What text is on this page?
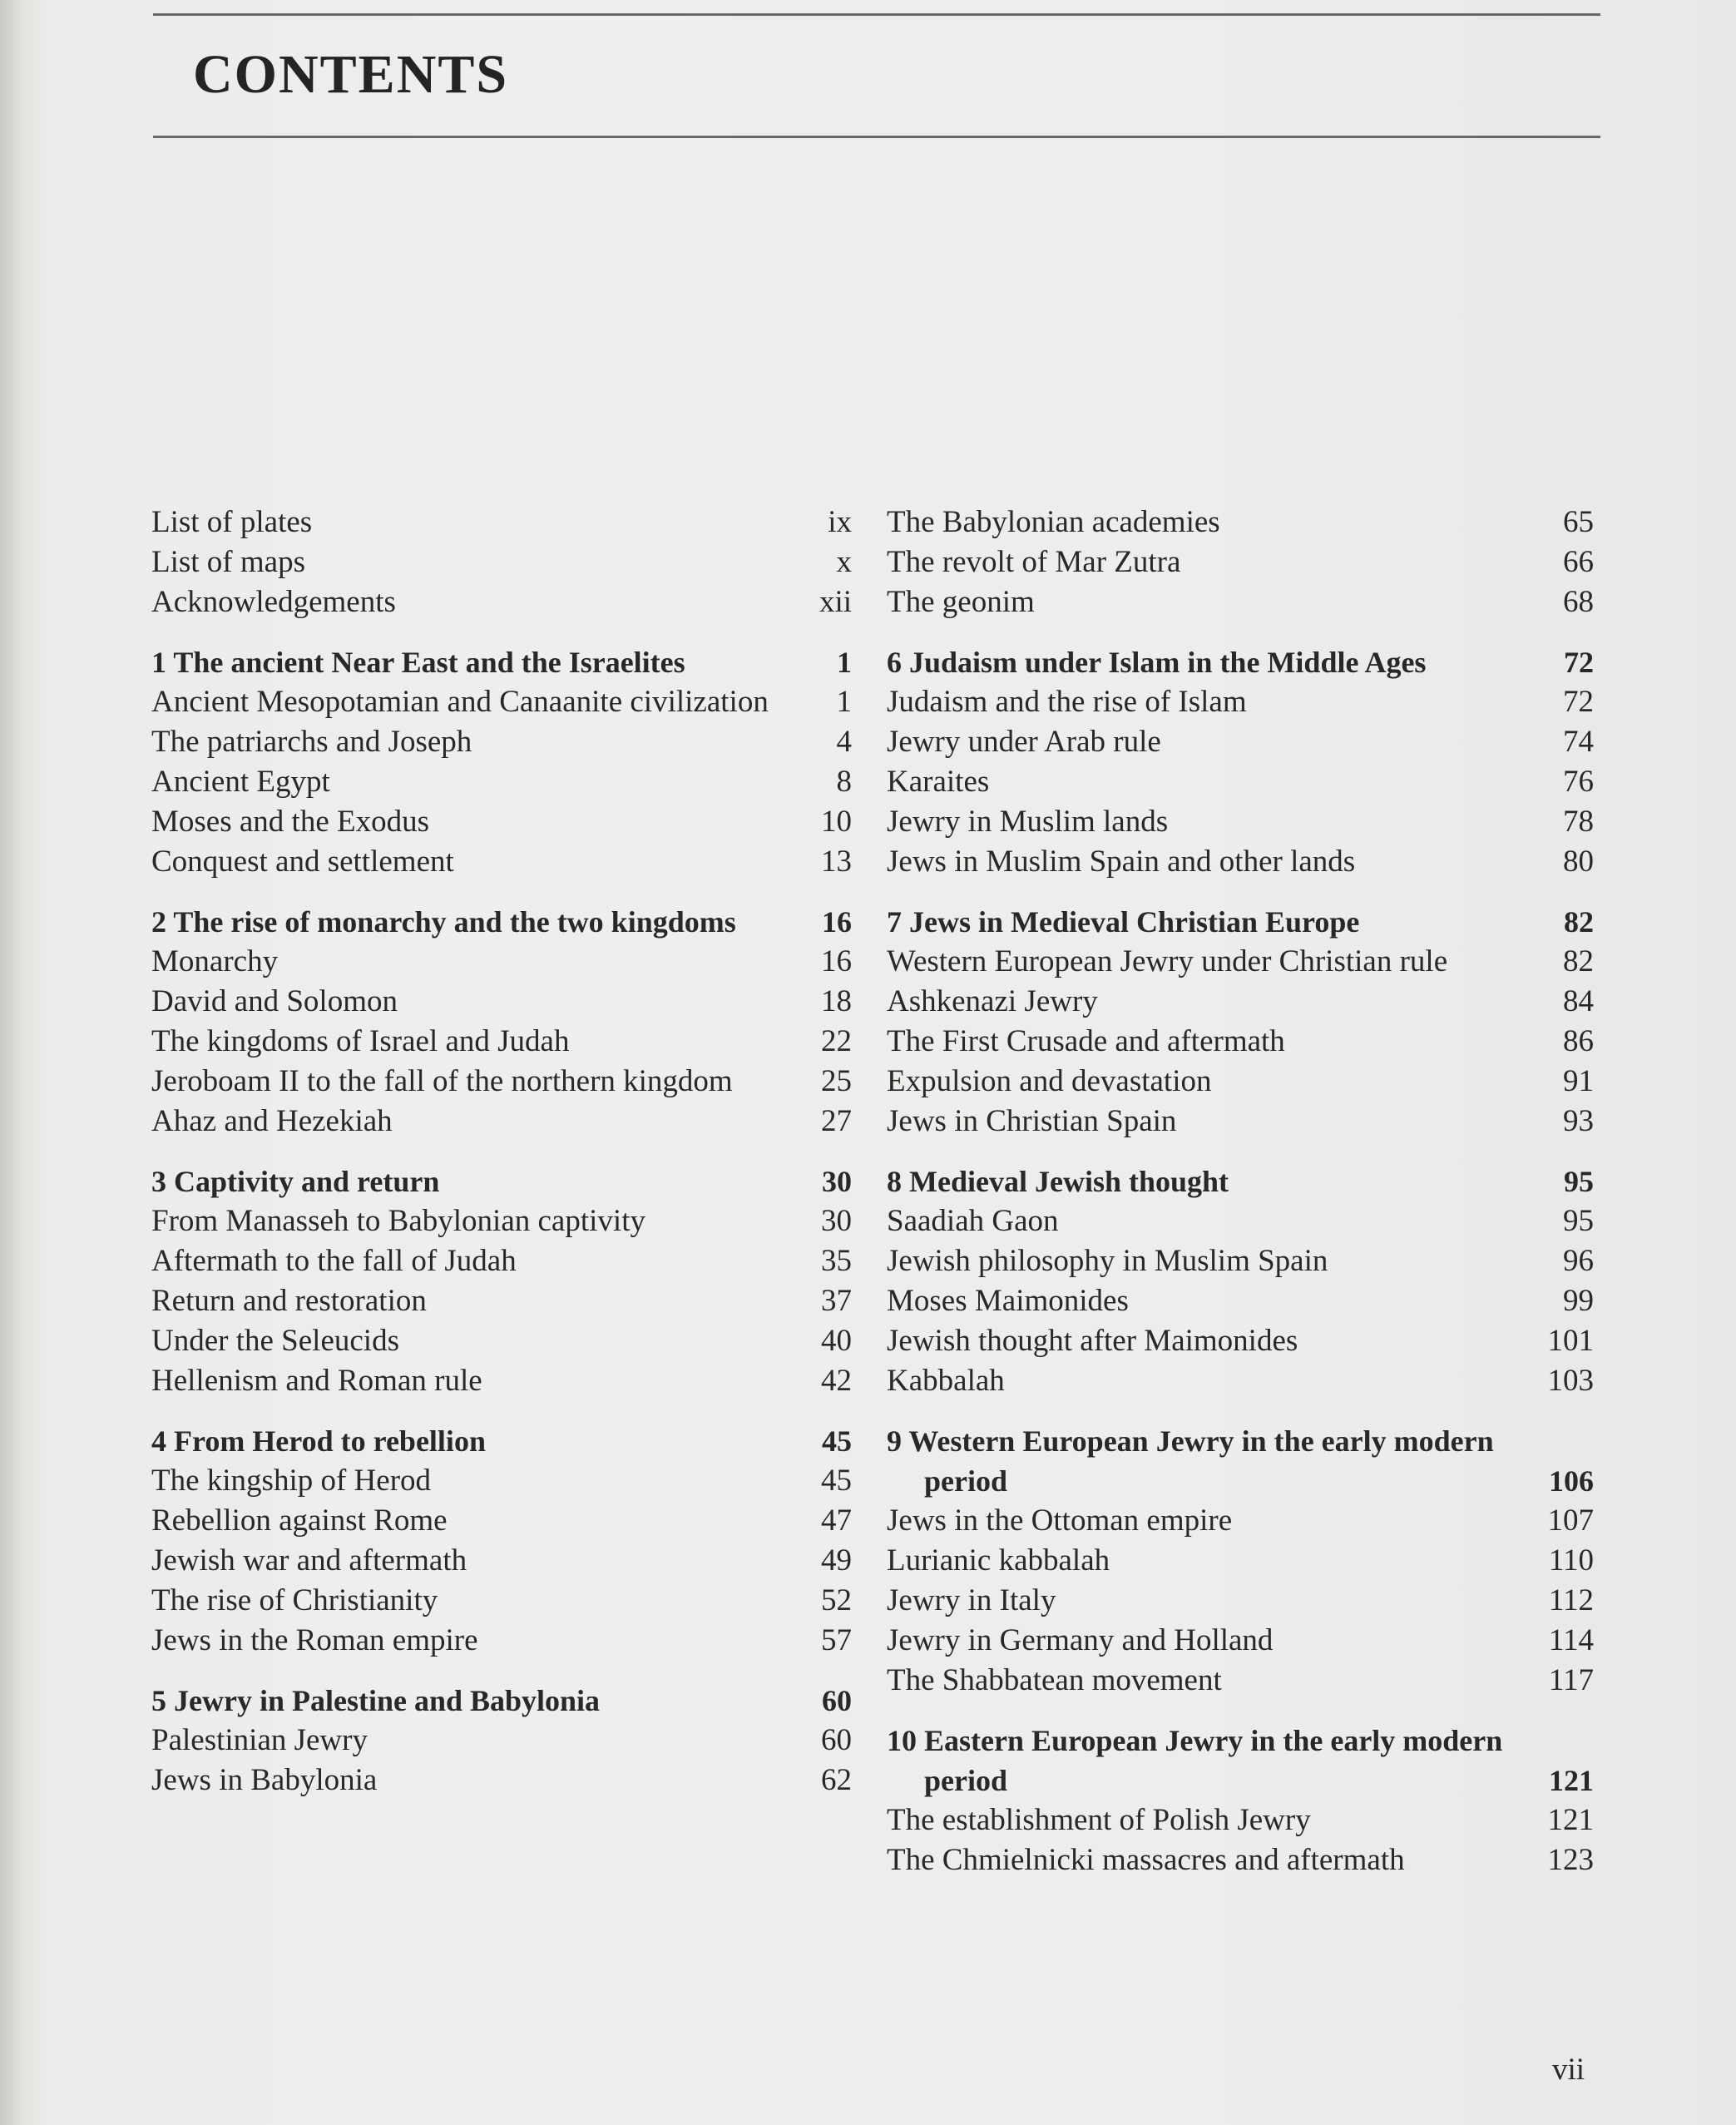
CONTENTS
List of plates	ix
List of maps	x
Acknowledgements	xii
1 The ancient Near East and the Israelites	1
Ancient Mesopotamian and Canaanite civilization	1
The patriarchs and Joseph	4
Ancient Egypt	8
Moses and the Exodus	10
Conquest and settlement	13
2 The rise of monarchy and the two kingdoms	16
Monarchy	16
David and Solomon	18
The kingdoms of Israel and Judah	22
Jeroboam II to the fall of the northern kingdom	25
Ahaz and Hezekiah	27
3 Captivity and return	30
From Manasseh to Babylonian captivity	30
Aftermath to the fall of Judah	35
Return and restoration	37
Under the Seleucids	40
Hellenism and Roman rule	42
4 From Herod to rebellion	45
The kingship of Herod	45
Rebellion against Rome	47
Jewish war and aftermath	49
The rise of Christianity	52
Jews in the Roman empire	57
5 Jewry in Palestine and Babylonia	60
Palestinian Jewry	60
Jews in Babylonia	62
The Babylonian academies	65
The revolt of Mar Zutra	66
The geonim	68
6 Judaism under Islam in the Middle Ages	72
Judaism and the rise of Islam	72
Jewry under Arab rule	74
Karaites	76
Jewry in Muslim lands	78
Jews in Muslim Spain and other lands	80
7 Jews in Medieval Christian Europe	82
Western European Jewry under Christian rule	82
Ashkenazi Jewry	84
The First Crusade and aftermath	86
Expulsion and devastation	91
Jews in Christian Spain	93
8 Medieval Jewish thought	95
Saadiah Gaon	95
Jewish philosophy in Muslim Spain	96
Moses Maimonides	99
Jewish thought after Maimonides	101
Kabbalah	103
9 Western European Jewry in the early modern period	106
Jews in the Ottoman empire	107
Lurianic kabbalah	110
Jewry in Italy	112
Jewry in Germany and Holland	114
The Shabbatean movement	117
10 Eastern European Jewry in the early modern period	121
The establishment of Polish Jewry	121
The Chmielnicki massacres and aftermath	123
vii
